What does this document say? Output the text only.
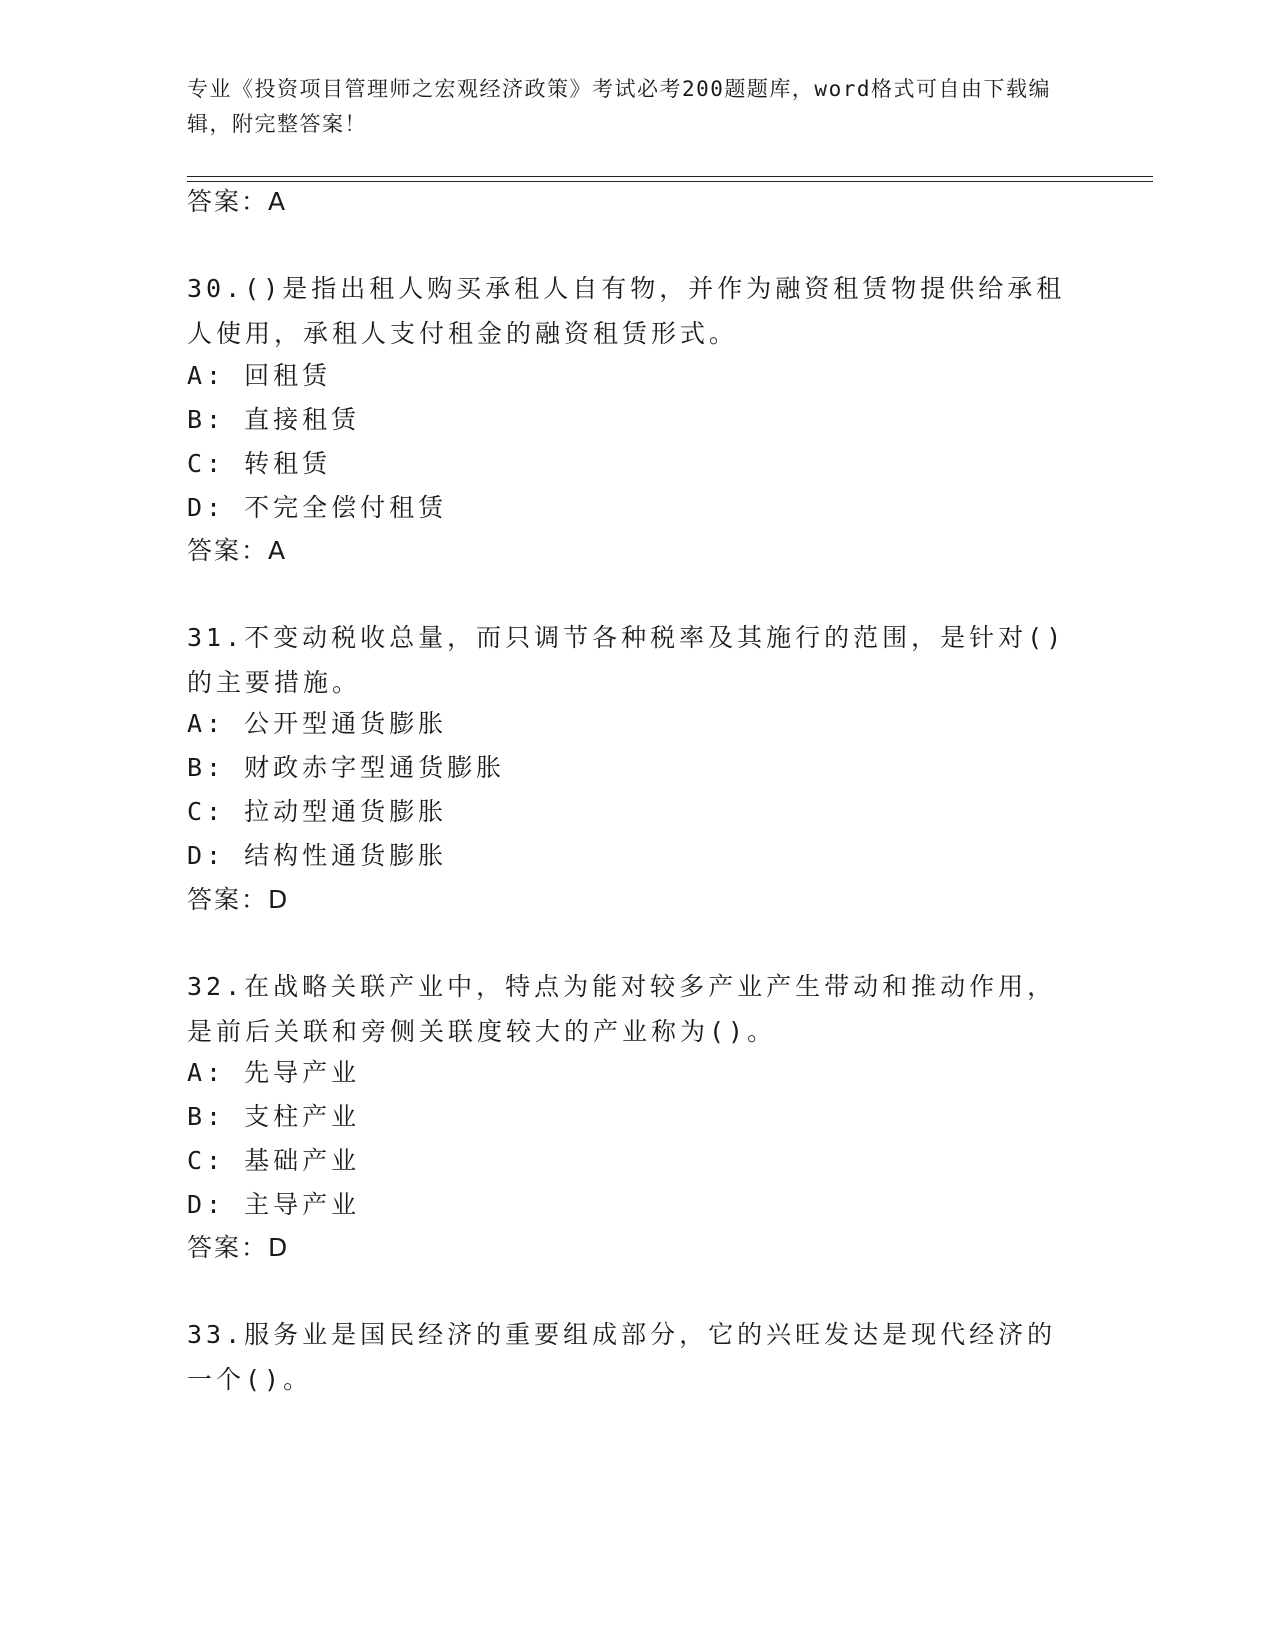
专业《投资项目管理师之宏观经济政策》考试必考200题题库，word格式可自由下载编辑，附完整答案！
答案：A
30.()是指出租人购买承租人自有物，并作为融资租赁物提供给承租人使用，承租人支付租金的融资租赁形式。
A: 回租赁
B: 直接租赁
C: 转租赁
D: 不完全偿付租赁
答案：A
31.不变动税收总量，而只调节各种税率及其施行的范围，是针对()的主要措施。
A: 公开型通货膨胀
B: 财政赤字型通货膨胀
C: 拉动型通货膨胀
D: 结构性通货膨胀
答案：D
32.在战略关联产业中，特点为能对较多产业产生带动和推动作用，是前后关联和旁侧关联度较大的产业称为()。
A: 先导产业
B: 支柱产业
C: 基础产业
D: 主导产业
答案：D
33.服务业是国民经济的重要组成部分，它的兴旺发达是现代经济的一个()。
